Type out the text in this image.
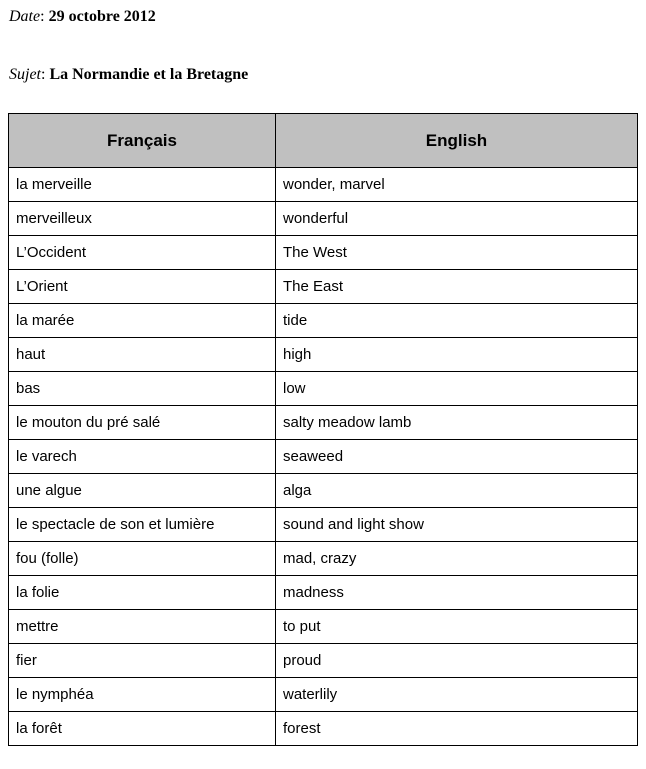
Date: 29 octobre 2012
Sujet: La Normandie et la Bretagne
Français	English
la merveille	wonder, marvel
merveilleux	wonderful
L’Occident	The West
L’Orient	The East
la marée	tide
haut	high
bas	low
le mouton du pré salé	salty meadow lamb
le varech	seaweed
une algue	alga
le spectacle de son et lumière	sound and light show
fou (folle)	mad, crazy
la folie	madness
mettre	to put
fier	proud
le nymphéa	waterlily
la forêt	forest
